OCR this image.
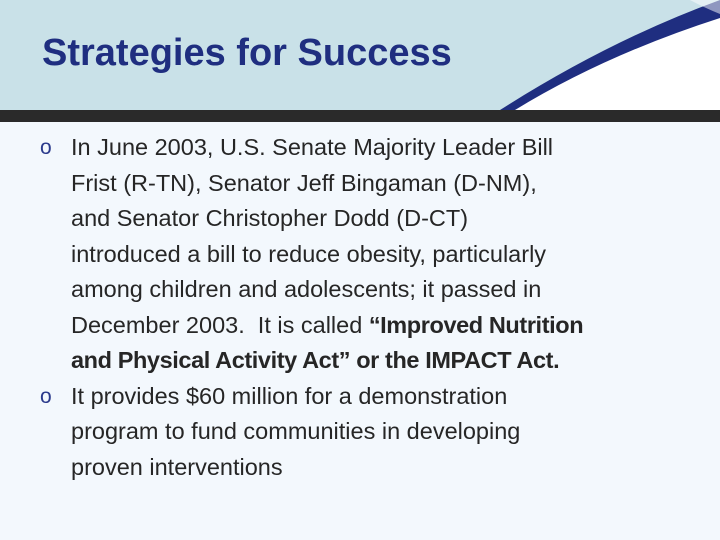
Strategies for Success
o In June 2003, U.S. Senate Majority Leader Bill
Frist (R-TN), Senator Jeff Bingaman (D-NM),
and Senator Christopher Dodd (D-CT)
introduced a bill to reduce obesity, particularly
among children and adolescents; it passed in
December 2003.  It is called “Improved Nutrition
and Physical Activity Act” or the IMPACT Act.
o It provides $60 million for a demonstration
program to fund communities in developing
proven interventions
